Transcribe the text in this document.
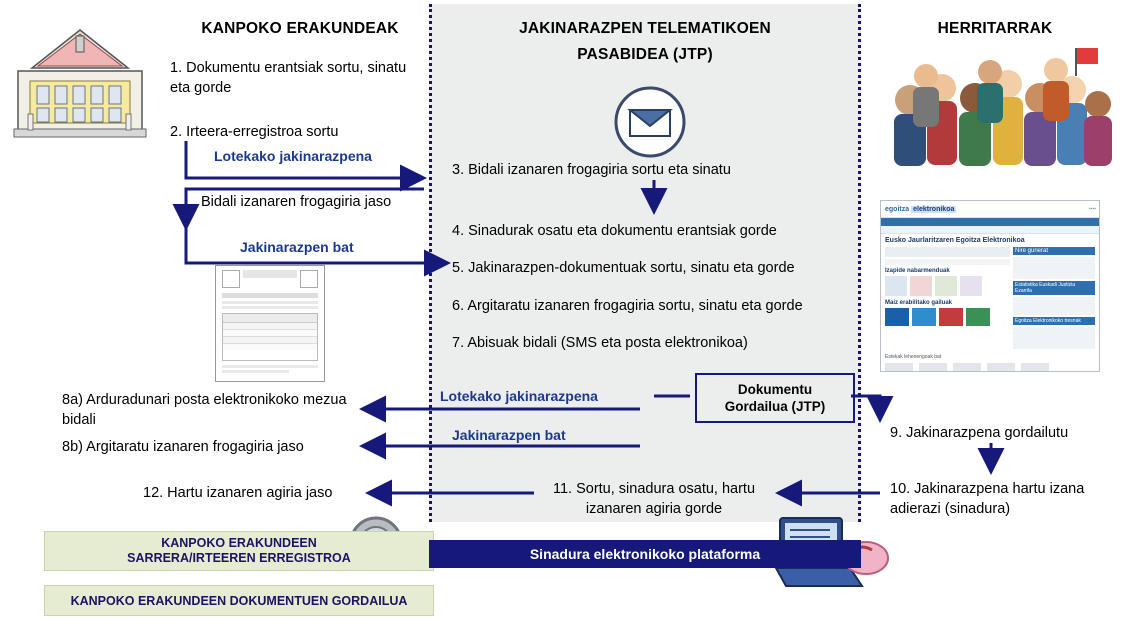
KANPOKO ERAKUNDEAK	JAKINARAZPEN TELEMATIKOEN
PASABIDEA (JTP)
HERRITARRAK
egoitza elektronikoa	▪▪▪▪
Eusko Jaurlaritzaren Egoitza Elektronikoa
Izapide nabarmenduak
Maiz erabilitako gailuak
Nire gunerat
Estatistika Euskadi Justizia Ezarrila
Egoitza Elektronikoko tresnak
Estekak lehenengoak bat
1. Dokumentu erantsiak sortu, sinatu eta gorde
2. Irteera-erregistroa sortu
8a) Arduradunari posta elektronikoko mezua bidali
8b) Argitaratu izanaren frogagiria jaso
12. Hartu izanaren agiria jaso
3. Bidali izanaren frogagiria sortu eta sinatu
4. Sinadurak osatu eta dokumentu erantsiak gorde
5. Jakinarazpen-dokumentuak sortu, sinatu eta gorde
6. Argitaratu izanaren frogagiria sortu, sinatu eta gorde
7. Abisuak bidali (SMS eta posta elektronikoa)
11. Sortu, sinadura osatu, hartu izanaren agiria gorde
9. Jakinarazpena gordailutu
10. Jakinarazpena hartu izana adierazi (sinadura)
Dokumentu
Gordailua (JTP)
Lotekako jakinarazpena
Bidali izanaren frogagiria jaso
Jakinarazpen bat
Lotekako jakinarazpena
Jakinarazpen bat
KANPOKO ERAKUNDEEN
SARRERA/IRTEEREN ERREGISTROA
KANPOKO ERAKUNDEEN DOKUMENTUEN GORDAILUA
Sinadura elektronikoko plataforma
